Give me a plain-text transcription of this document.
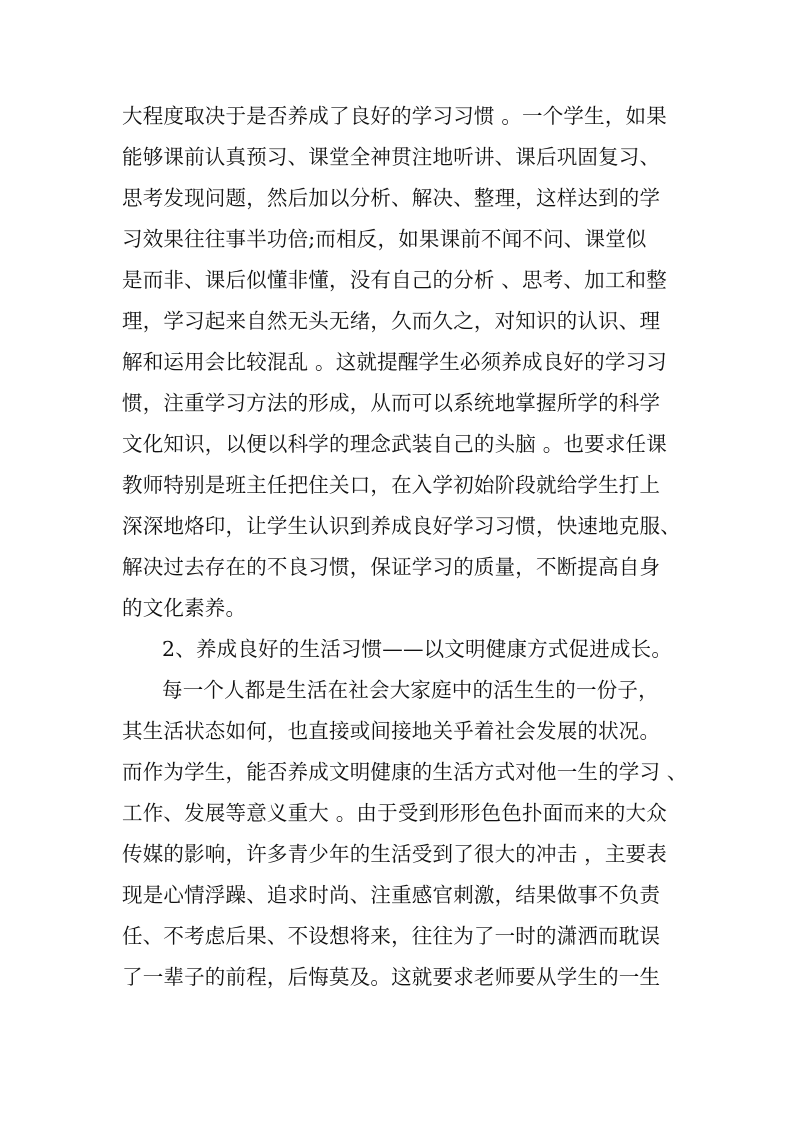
大程度取决于是否养成了良好的学习习惯 。一个学生，如果
能够课前认真预习、课堂全神贯注地听讲、课后巩固复习、
思考发现问题，然后加以分析、解决、整理，这样达到的学
习效果往往事半功倍;而相反，如果课前不闻不问、课堂似
是而非、课后似懂非懂，没有自己的分析 、思考、加工和整
理，学习起来自然无头无绪，久而久之，对知识的认识、理
解和运用会比较混乱 。这就提醒学生必须养成良好的学习习
惯，注重学习方法的形成，从而可以系统地掌握所学的科学
文化知识，以便以科学的理念武装自己的头脑 。也要求任课
教师特别是班主任把住关口，在入学初始阶段就给学生打上
深深地烙印，让学生认识到养成良好学习习惯，快速地克服、
解决过去存在的不良习惯，保证学习的质量，不断提高自身
的文化素养。
2、养成良好的生活习惯——以文明健康方式促进成长。
每一个人都是生活在社会大家庭中的活生生的一份子，
其生活状态如何，也直接或间接地关乎着社会发展的状况。
而作为学生，能否养成文明健康的生活方式对他一生的学习 、
工作、发展等意义重大 。由于受到形形色色扑面而来的大众
传媒的影响，许多青少年的生活受到了很大的冲击 ，主要表
现是心情浮躁、追求时尚、注重感官刺激，结果做事不负责
任、不考虑后果、不设想将来，往往为了一时的潇洒而耽误
了一辈子的前程，后悔莫及。这就要求老师要从学生的一生
